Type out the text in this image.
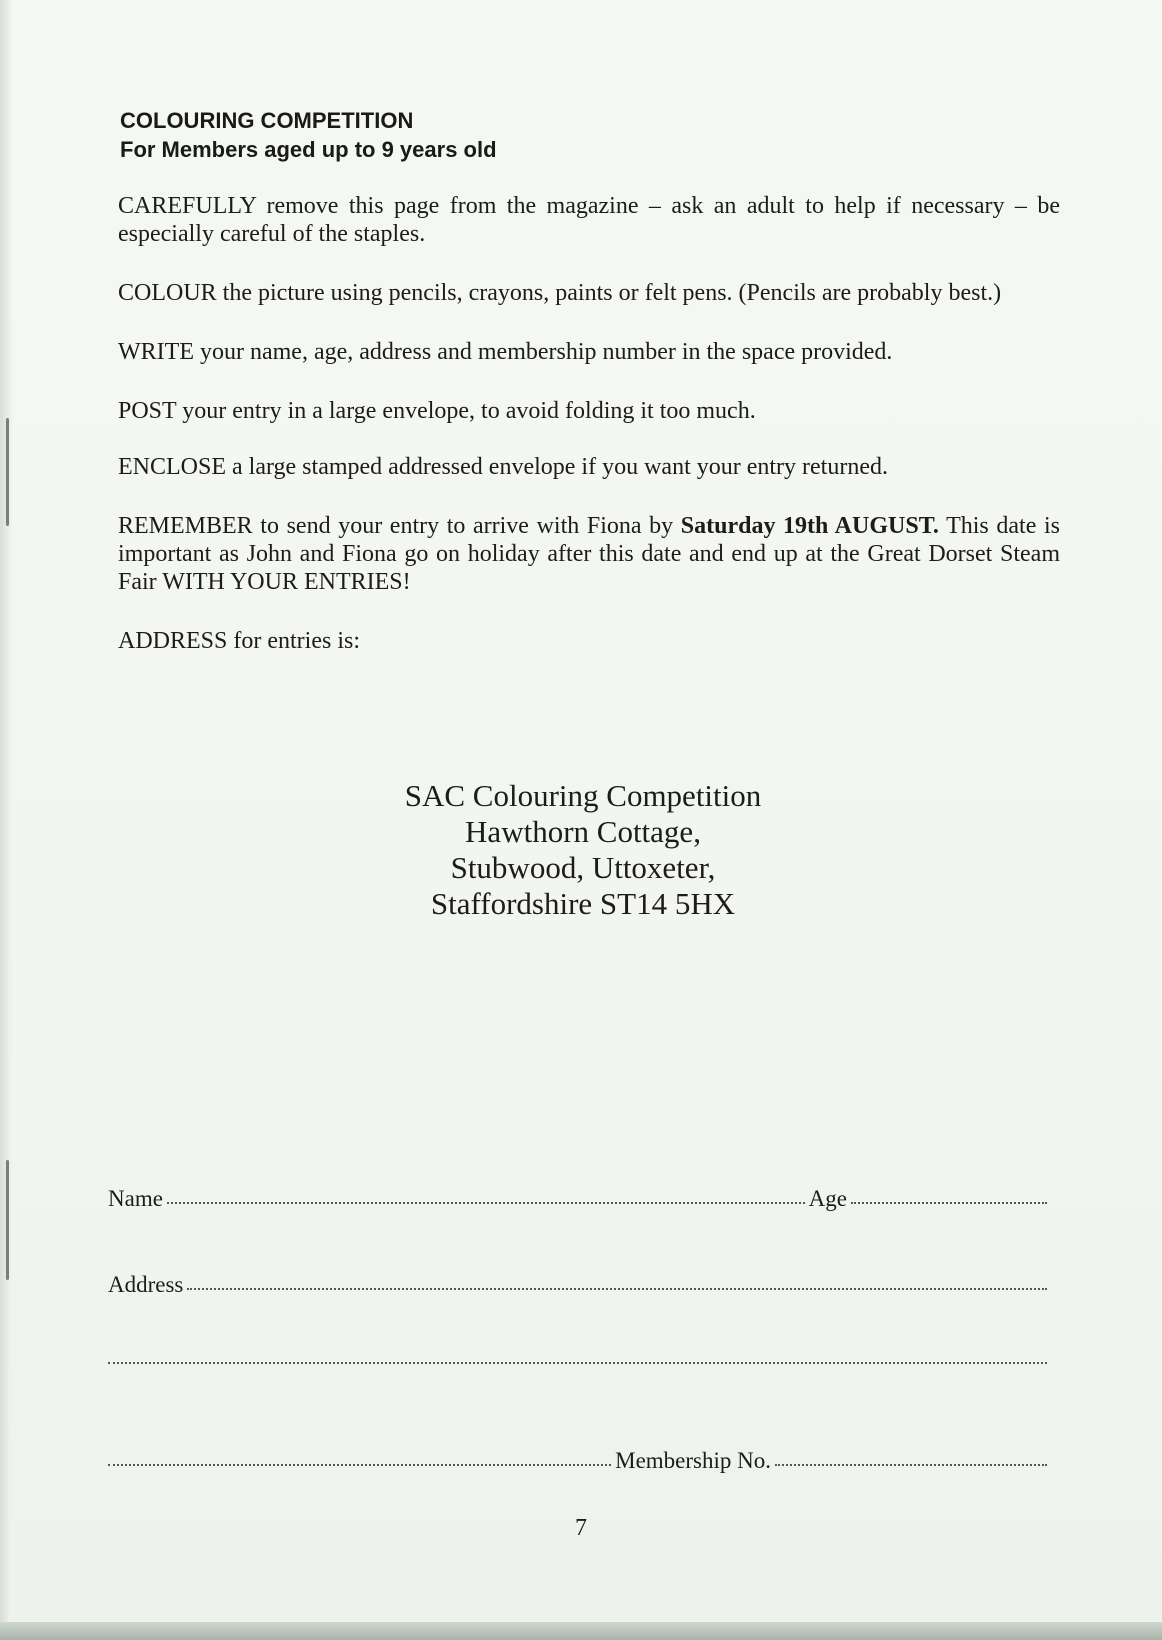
COLOURING COMPETITION
For Members aged up to 9 years old

CAREFULLY remove this page from the magazine – ask an adult to help if necessary – be especially careful of the staples.

COLOUR the picture using pencils, crayons, paints or felt pens. (Pencils are probably best.)

WRITE your name, age, address and membership number in the space provided.

POST your entry in a large envelope, to avoid folding it too much.

ENCLOSE a large stamped addressed envelope if you want your entry returned.

REMEMBER to send your entry to arrive with Fiona by Saturday 19th AUGUST. This date is important as John and Fiona go on holiday after this date and end up at the Great Dorset Steam Fair WITH YOUR ENTRIES!

ADDRESS for entries is:

SAC Colouring Competition
Hawthorn Cottage,
Stubwood, Uttoxeter,
Staffordshire ST14 5HX
Name	Age
Address
Membership No.
7
